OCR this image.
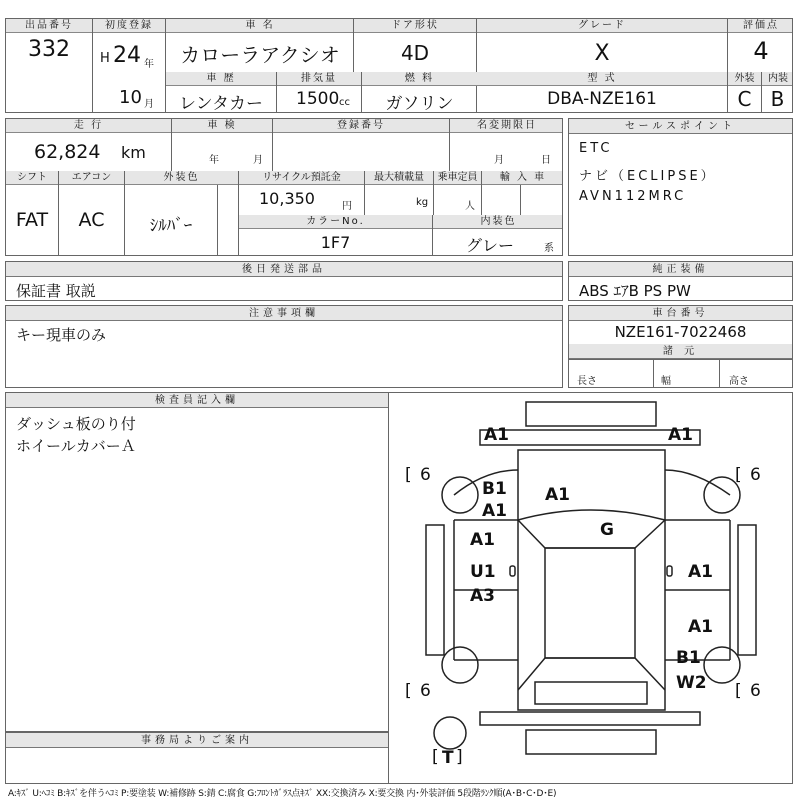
出品番号
332
初度登録
H 24 年
10 月
車 名
カローラアクシオ
ドア形状
4D
グレード
X
評価点
4
車 歴
レンタカー
排気量
1500 cc
燃 料
ガソリン
型 式
DBA-NZE161
外装	内装
C B
走 行
62,824 km
車 検
年	月
登録番号	名変期限日
月	日
シフト
FAT
エアコン
AC
外装色
ｼﾙﾊﾞｰ
リサイクル預託金
10,350	円
最大積載量
kg
乗車定員
人
輸 入 車
カラーNo.
1F7
内装色
グレー	系
セールスポイント
ETC
ナビ（ECLIPSE）
AVN112MRC
後日発送部品
保証書 取説
純正装備
ABS ｴｱB PS PW
注意事項欄
キー現車のみ
車台番号
NZE161-7022468
諸 元
長さ	幅	高さ
検査員記入欄
ダッシュ板のり付
ホイールカバーＡ
事務局よりご案内
[ 6	[ 6
[ 6	[ 6
A1	A1
B1
A1
A1
G
A1
U1
A3
A1
A1
B1
W2
[ T ]
A:ｷｽﾞ U:ﾍｺﾐ B:ｷｽﾞを伴うﾍｺﾐ P:要塗装 W:補修跡 S:錆 C:腐食 G:ﾌﾛﾝﾄｶﾞﾗｽ点ｷｽﾞ XX:交換済み X:要交換 内･外装評価 5段階ﾗﾝｸ順(A･B･C･D･E)
